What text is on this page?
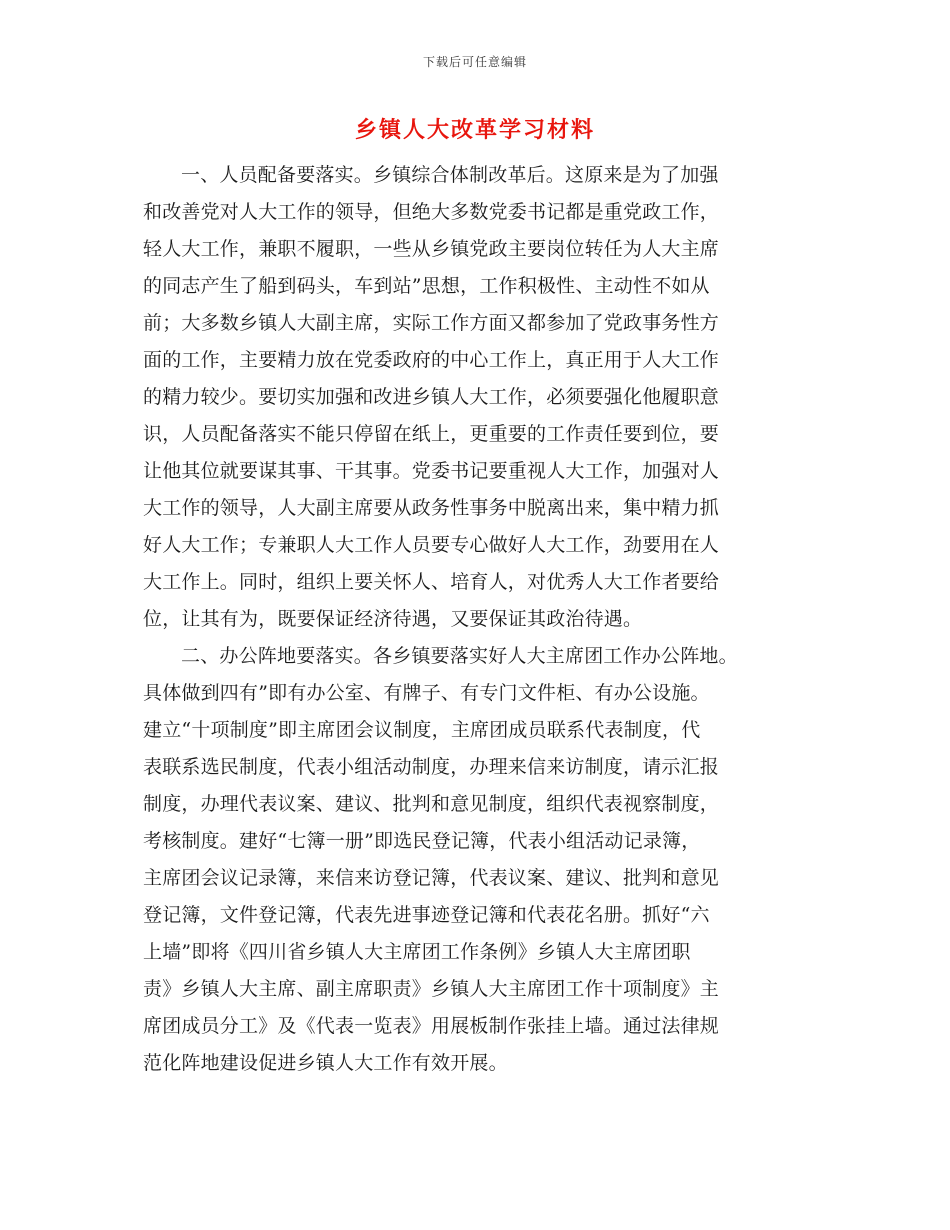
下载后可任意编辑
乡镇人大改革学习材料
一、人员配备要落实。乡镇综合体制改革后。这原来是为了加强
和改善党对人大工作的领导，但绝大多数党委书记都是重党政工作，
轻人大工作，兼职不履职，一些从乡镇党政主要岗位转任为人大主席
的同志产生了船到码头，车到站”思想，工作积极性、主动性不如从
前；大多数乡镇人大副主席，实际工作方面又都参加了党政事务性方
面的工作，主要精力放在党委政府的中心工作上，真正用于人大工作
的精力较少。要切实加强和改进乡镇人大工作，必须要强化他履职意
识，人员配备落实不能只停留在纸上，更重要的工作责任要到位，要
让他其位就要谋其事、干其事。党委书记要重视人大工作，加强对人
大工作的领导，人大副主席要从政务性事务中脱离出来，集中精力抓
好人大工作；专兼职人大工作人员要专心做好人大工作，劲要用在人
大工作上。同时，组织上要关怀人、培育人，对优秀人大工作者要给
位，让其有为，既要保证经济待遇，又要保证其政治待遇。
二、办公阵地要落实。各乡镇要落实好人大主席团工作办公阵地。
具体做到四有”即有办公室、有牌子、有专门文件柜、有办公设施。
建立“十项制度”即主席团会议制度，主席团成员联系代表制度，代
表联系选民制度，代表小组活动制度，办理来信来访制度，请示汇报
制度，办理代表议案、建议、批判和意见制度，组织代表视察制度，
考核制度。建好“七簿一册”即选民登记簿，代表小组活动记录簿，
主席团会议记录簿，来信来访登记簿，代表议案、建议、批判和意见
登记簿，文件登记簿，代表先进事迹登记簿和代表花名册。抓好“六
上墙”即将《四川省乡镇人大主席团工作条例》乡镇人大主席团职
责》乡镇人大主席、副主席职责》乡镇人大主席团工作十项制度》主
席团成员分工》及《代表一览表》用展板制作张挂上墙。通过法律规
范化阵地建设促进乡镇人大工作有效开展。
